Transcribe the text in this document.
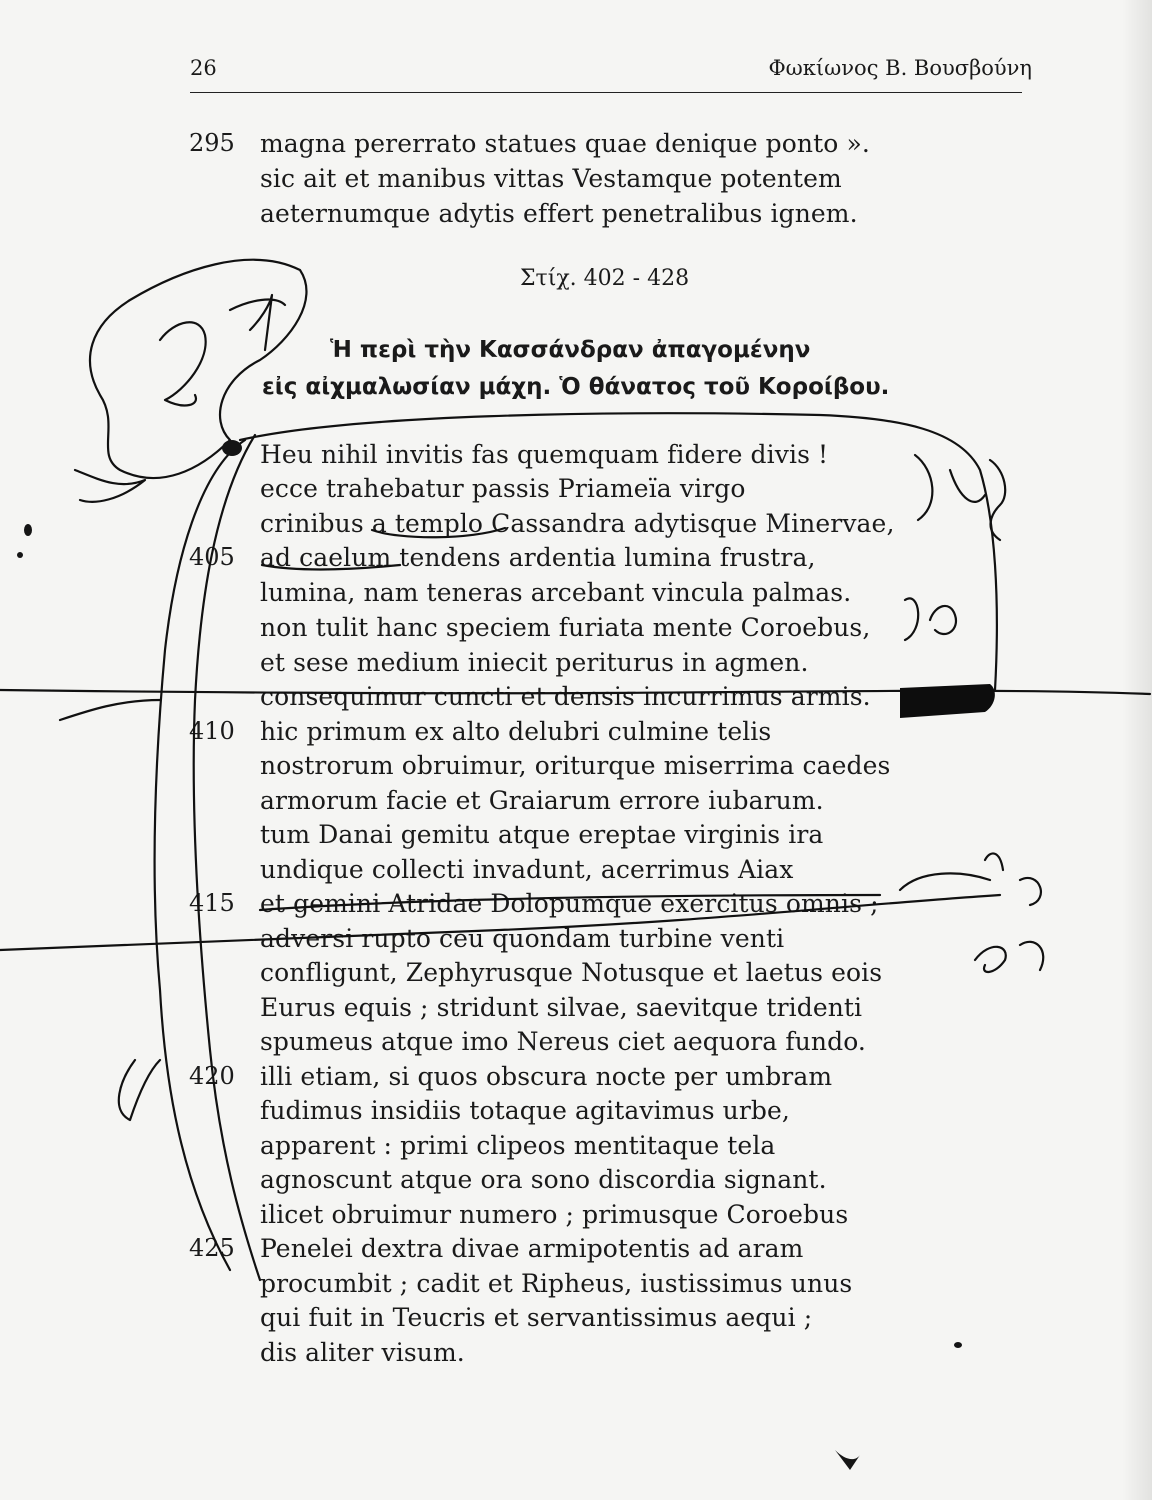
26	Φωκίωνος Β. Βουσβούνη
295 magna pererrato statues quae denique ponto ».
sic ait et manibus vittas Vestamque potentem
aeternumque adytis effert penetralibus ignem.
Στίχ. 402 - 428
Ἡ περὶ τὴν Κασσάνδραν ἀπαγομένην
εἰς αἰχμαλωσίαν μάχη. Ὁ θάνατος τοῦ Κοροίβου.
Heu nihil invitis fas quemquam fidere divis !
ecce trahebatur passis Priameïa virgo
crinibus a templo Cassandra adytisque Minervae,
405 ad caelum tendens ardentia lumina frustra,
lumina, nam teneras arcebant vincula palmas.
non tulit hanc speciem furiata mente Coroebus,
et sese medium iniecit periturus in agmen.
consequimur cuncti et densis incurrimus armis.
410 hic primum ex alto delubri culmine telis
nostrorum obruimur, oriturque miserrima caedes
armorum facie et Graiarum errore iubarum.
tum Danai gemitu atque ereptae virginis ira
undique collecti invadunt, acerrimus Aiax
415 et gemini Atridae Dolopumque exercitus omnis ;
adversi rupto ceu quondam turbine venti
confligunt, Zephyrusque Notusque et laetus eois
Eurus equis ; stridunt silvae, saevitque tridenti
spumeus atque imo Nereus ciet aequora fundo.
420 illi etiam, si quos obscura nocte per umbram
fudimus insidiis totaque agitavimus urbe,
apparent : primi clipeos mentitaque tela
agnoscunt atque ora sono discordia signant.
ilicet obruimur numero ; primusque Coroebus
425 Penelei dextra divae armipotentis ad aram
procumbit ; cadit et Ripheus, iustissimus unus
qui fuit in Teucris et servantissimus aequi ;
dis aliter visum.
